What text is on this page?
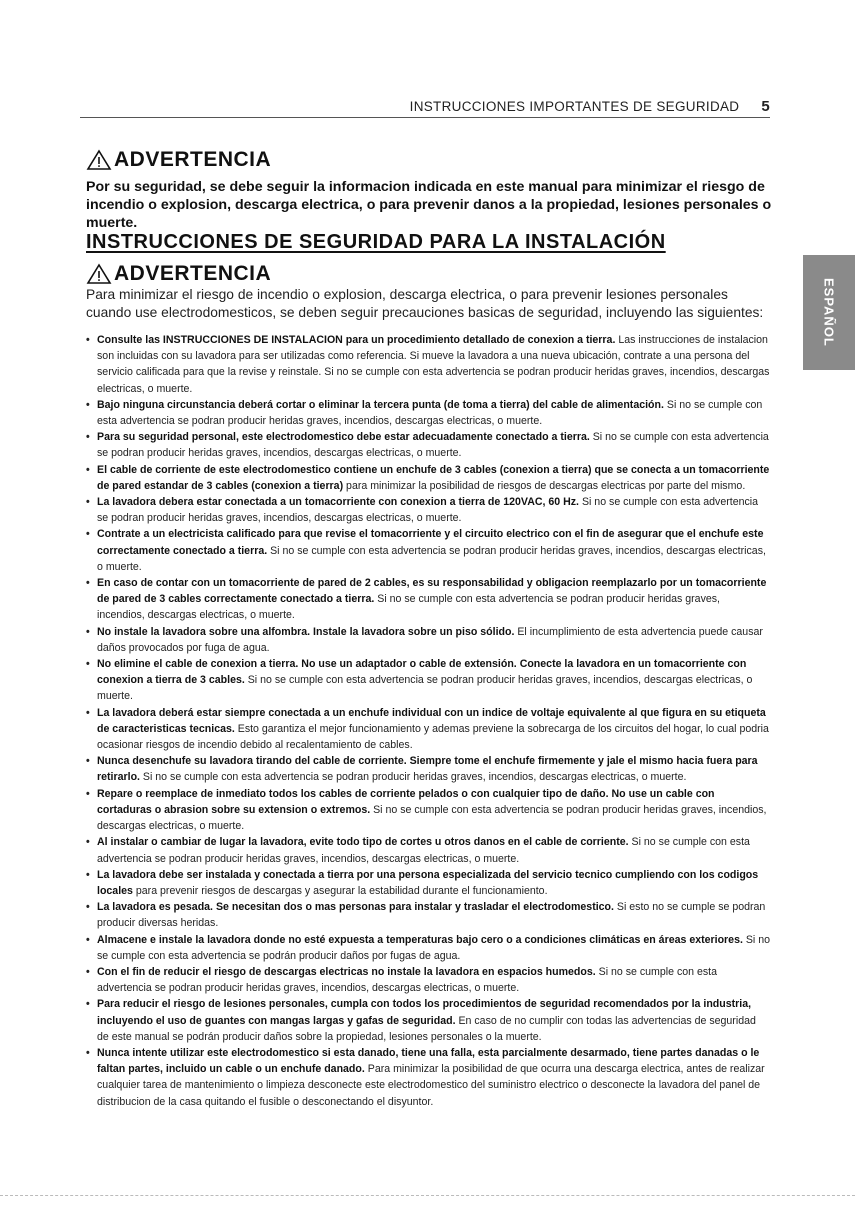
INSTRUCCIONES IMPORTANTES DE SEGURIDAD 5
ADVERTENCIA
Por su seguridad, se debe seguir la informacion indicada en este manual para minimizar el riesgo de incendio o explosion, descarga electrica, o para prevenir danos a la propiedad, lesiones personales o muerte.
INSTRUCCIONES DE SEGURIDAD PARA LA INSTALACIÓN
ADVERTENCIA
Para minimizar el riesgo de incendio o explosion, descarga electrica, o para prevenir lesiones personales cuando use electrodomesticos, se deben seguir precauciones basicas de seguridad, incluyendo las siguientes:	ESPAÑOL
• Consulte las INSTRUCCIONES DE INSTALACION para un procedimiento detallado de conexion a tierra. Las instrucciones de instalacion son incluidas con su lavadora para ser utilizadas como referencia. Si mueve la lavadora a una nueva ubicación, contrate a una persona del servicio calificada para que la revise y reinstale. Si no se cumple con esta advertencia se podran producir heridas graves, incendios, descargas electricas, o muerte.
• Bajo ninguna circunstancia deberá cortar o eliminar la tercera punta (de toma a tierra) del cable de alimentación. Si no se cumple con esta advertencia se podran producir heridas graves, incendios, descargas electricas, o muerte.
• Para su seguridad personal, este electrodomestico debe estar adecuadamente conectado a tierra. Si no se cumple con esta advertencia se podran producir heridas graves, incendios, descargas electricas, o muerte.
• El cable de corriente de este electrodomestico contiene un enchufe de 3 cables (conexion a tierra) que se conecta a un tomacorriente de pared estandar de 3 cables (conexion a tierra) para minimizar la posibilidad de riesgos de descargas electricas por parte del mismo.
• La lavadora debera estar conectada a un tomacorriente con conexion a tierra de 120VAC, 60 Hz. Si no se cumple con esta advertencia se podran producir heridas graves, incendios, descargas electricas, o muerte.
• Contrate a un electricista calificado para que revise el tomacorriente y el circuito electrico con el fin de asegurar que el enchufe este correctamente conectado a tierra. Si no se cumple con esta advertencia se podran producir heridas graves, incendios, descargas electricas, o muerte.
• En caso de contar con un tomacorriente de pared de 2 cables, es su responsabilidad y obligacion reemplazarlo por un tomacorriente de pared de 3 cables correctamente conectado a tierra. Si no se cumple con esta advertencia se podran producir heridas graves, incendios, descargas electricas, o muerte.
• No instale la lavadora sobre una alfombra. Instale la lavadora sobre un piso sólido. El incumplimiento de esta advertencia puede causar daños provocados por fuga de agua.
• No elimine el cable de conexion a tierra. No use un adaptador o cable de extensión. Conecte la lavadora en un tomacorriente con conexion a tierra de 3 cables. Si no se cumple con esta advertencia se podran producir heridas graves, incendios, descargas electricas, o muerte.
• La lavadora deberá estar siempre conectada a un enchufe individual con un indice de voltaje equivalente al que figura en su etiqueta de caracteristicas tecnicas. Esto garantiza el mejor funcionamiento y ademas previene la sobrecarga de los circuitos del hogar, lo cual podria ocasionar riesgos de incendio debido al recalentamiento de cables.
• Nunca desenchufe su lavadora tirando del cable de corriente. Siempre tome el enchufe firmemente y jale el mismo hacia fuera para retirarlo. Si no se cumple con esta advertencia se podran producir heridas graves, incendios, descargas electricas, o muerte.
• Repare o reemplace de inmediato todos los cables de corriente pelados o con cualquier tipo de daño. No use un cable con cortaduras o abrasion sobre su extension o extremos. Si no se cumple con esta advertencia se podran producir heridas graves, incendios, descargas electricas, o muerte.
• Al instalar o cambiar de lugar la lavadora, evite todo tipo de cortes u otros danos en el cable de corriente. Si no se cumple con esta advertencia se podran producir heridas graves, incendios, descargas electricas, o muerte.
• La lavadora debe ser instalada y conectada a tierra por una persona especializada del servicio tecnico cumpliendo con los codigos locales para prevenir riesgos de descargas y asegurar la estabilidad durante el funcionamiento.
• La lavadora es pesada. Se necesitan dos o mas personas para instalar y trasladar el electrodomestico. Si esto no se cumple se podran producir diversas heridas.
• Almacene e instale la lavadora donde no esté expuesta a temperaturas bajo cero o a condiciones climáticas en áreas exteriores. Si no se cumple con esta advertencia se podrán producir daños por fugas de agua.
• Con el fin de reducir el riesgo de descargas electricas no instale la lavadora en espacios humedos. Si no se cumple con esta advertencia se podran producir heridas graves, incendios, descargas electricas, o muerte.
• Para reducir el riesgo de lesiones personales, cumpla con todos los procedimientos de seguridad recomendados por la industria, incluyendo el uso de guantes con mangas largas y gafas de seguridad. En caso de no cumplir con todas las advertencias de seguridad de este manual se podrán producir daños sobre la propiedad, lesiones personales o la muerte.
• Nunca intente utilizar este electrodomestico si esta danado, tiene una falla, esta parcialmente desarmado, tiene partes danadas o le faltan partes, incluido un cable o un enchufe danado. Para minimizar la posibilidad de que ocurra una descarga electrica, antes de realizar cualquier tarea de mantenimiento o limpieza desconecte este electrodomestico del suministro electrico o desconecte la lavadora del panel de distribucion de la casa quitando el fusible o desconectando el disyuntor.
